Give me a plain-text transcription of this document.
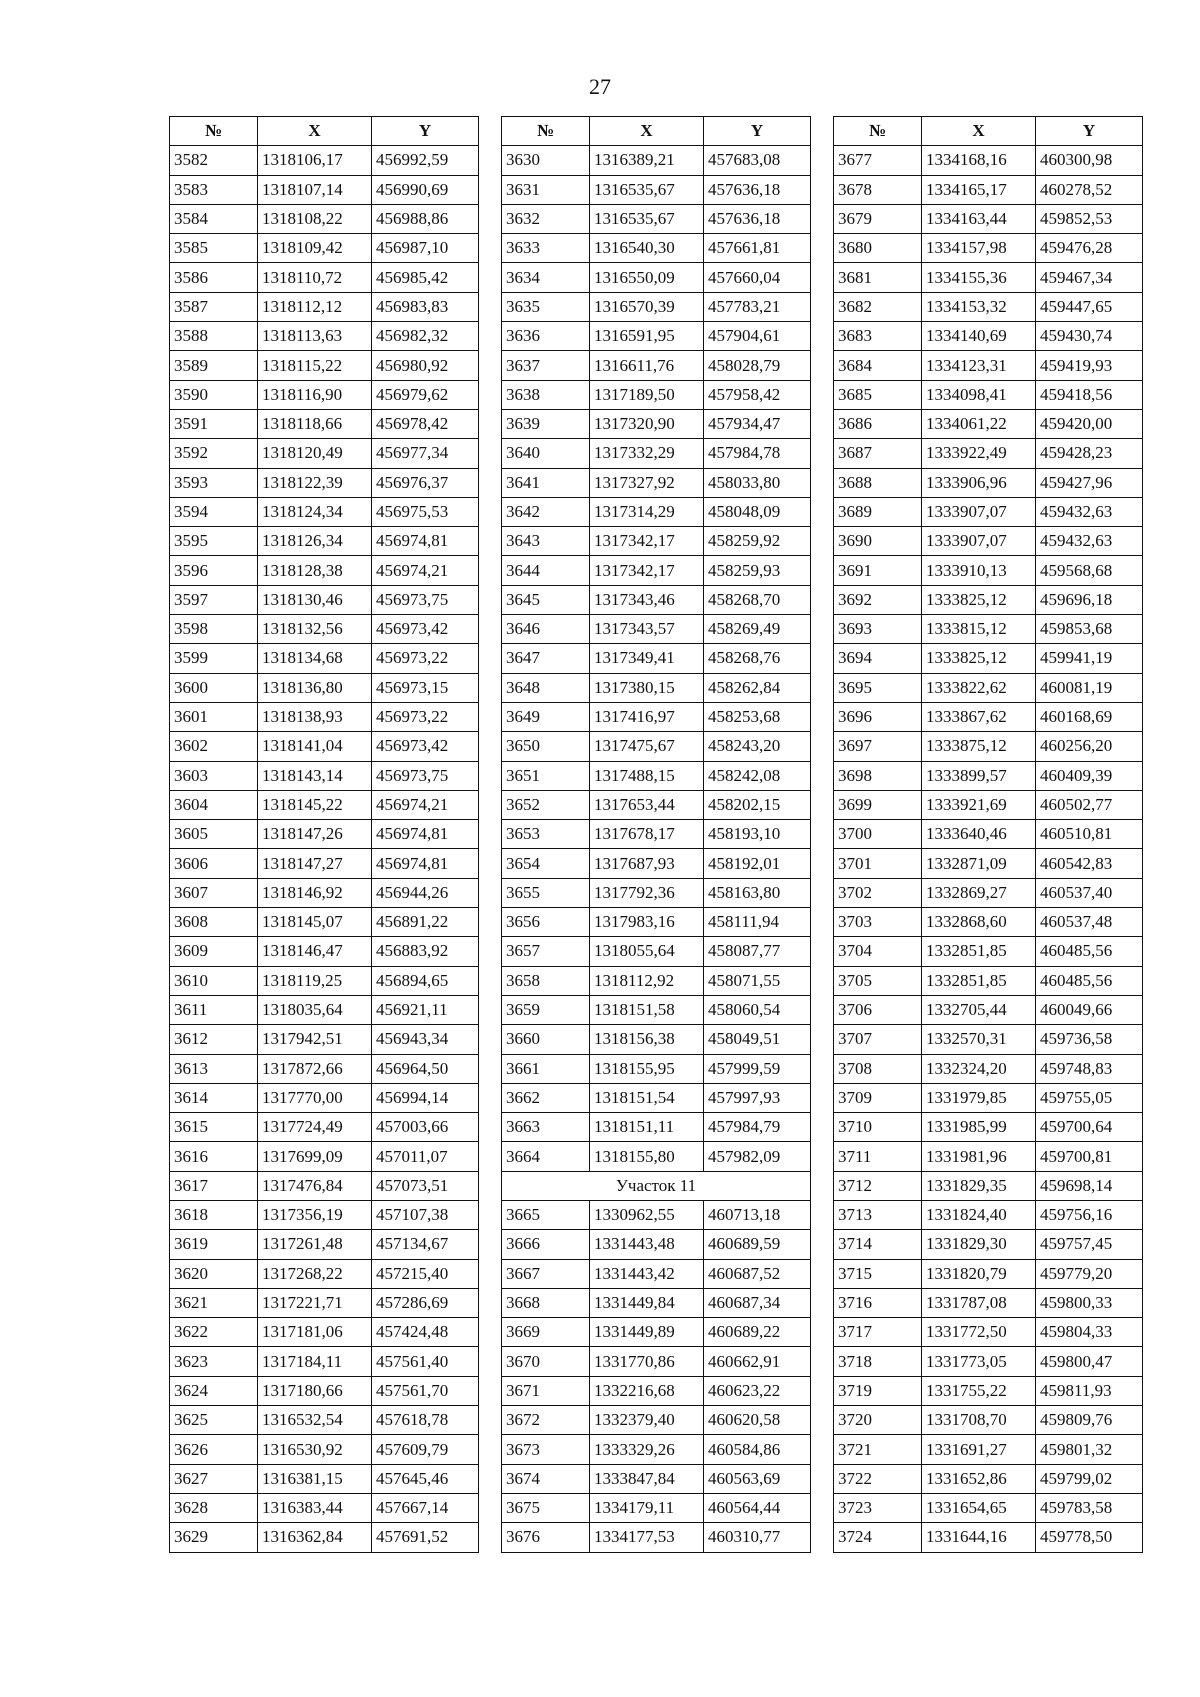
27
№	X	Y
3582	1318106,17	456992,59
3583	1318107,14	456990,69
3584	1318108,22	456988,86
3585	1318109,42	456987,10
3586	1318110,72	456985,42
3587	1318112,12	456983,83
3588	1318113,63	456982,32
3589	1318115,22	456980,92
3590	1318116,90	456979,62
3591	1318118,66	456978,42
3592	1318120,49	456977,34
3593	1318122,39	456976,37
3594	1318124,34	456975,53
3595	1318126,34	456974,81
3596	1318128,38	456974,21
3597	1318130,46	456973,75
3598	1318132,56	456973,42
3599	1318134,68	456973,22
3600	1318136,80	456973,15
3601	1318138,93	456973,22
3602	1318141,04	456973,42
3603	1318143,14	456973,75
3604	1318145,22	456974,21
3605	1318147,26	456974,81
3606	1318147,27	456974,81
3607	1318146,92	456944,26
3608	1318145,07	456891,22
3609	1318146,47	456883,92
3610	1318119,25	456894,65
3611	1318035,64	456921,11
3612	1317942,51	456943,34
3613	1317872,66	456964,50
3614	1317770,00	456994,14
3615	1317724,49	457003,66
3616	1317699,09	457011,07
3617	1317476,84	457073,51
3618	1317356,19	457107,38
3619	1317261,48	457134,67
3620	1317268,22	457215,40
3621	1317221,71	457286,69
3622	1317181,06	457424,48
3623	1317184,11	457561,40
3624	1317180,66	457561,70
3625	1316532,54	457618,78
3626	1316530,92	457609,79
3627	1316381,15	457645,46
3628	1316383,44	457667,14
3629	1316362,84	457691,52
№	X	Y
3630	1316389,21	457683,08
3631	1316535,67	457636,18
3632	1316535,67	457636,18
3633	1316540,30	457661,81
3634	1316550,09	457660,04
3635	1316570,39	457783,21
3636	1316591,95	457904,61
3637	1316611,76	458028,79
3638	1317189,50	457958,42
3639	1317320,90	457934,47
3640	1317332,29	457984,78
3641	1317327,92	458033,80
3642	1317314,29	458048,09
3643	1317342,17	458259,92
3644	1317342,17	458259,93
3645	1317343,46	458268,70
3646	1317343,57	458269,49
3647	1317349,41	458268,76
3648	1317380,15	458262,84
3649	1317416,97	458253,68
3650	1317475,67	458243,20
3651	1317488,15	458242,08
3652	1317653,44	458202,15
3653	1317678,17	458193,10
3654	1317687,93	458192,01
3655	1317792,36	458163,80
3656	1317983,16	458111,94
3657	1318055,64	458087,77
3658	1318112,92	458071,55
3659	1318151,58	458060,54
3660	1318156,38	458049,51
3661	1318155,95	457999,59
3662	1318151,54	457997,93
3663	1318151,11	457984,79
3664	1318155,80	457982,09
Участок 11		
3665	1330962,55	460713,18
3666	1331443,48	460689,59
3667	1331443,42	460687,52
3668	1331449,84	460687,34
3669	1331449,89	460689,22
3670	1331770,86	460662,91
3671	1332216,68	460623,22
3672	1332379,40	460620,58
3673	1333329,26	460584,86
3674	1333847,84	460563,69
3675	1334179,11	460564,44
3676	1334177,53	460310,77
№	X	Y
3677	1334168,16	460300,98
3678	1334165,17	460278,52
3679	1334163,44	459852,53
3680	1334157,98	459476,28
3681	1334155,36	459467,34
3682	1334153,32	459447,65
3683	1334140,69	459430,74
3684	1334123,31	459419,93
3685	1334098,41	459418,56
3686	1334061,22	459420,00
3687	1333922,49	459428,23
3688	1333906,96	459427,96
3689	1333907,07	459432,63
3690	1333907,07	459432,63
3691	1333910,13	459568,68
3692	1333825,12	459696,18
3693	1333815,12	459853,68
3694	1333825,12	459941,19
3695	1333822,62	460081,19
3696	1333867,62	460168,69
3697	1333875,12	460256,20
3698	1333899,57	460409,39
3699	1333921,69	460502,77
3700	1333640,46	460510,81
3701	1332871,09	460542,83
3702	1332869,27	460537,40
3703	1332868,60	460537,48
3704	1332851,85	460485,56
3705	1332851,85	460485,56
3706	1332705,44	460049,66
3707	1332570,31	459736,58
3708	1332324,20	459748,83
3709	1331979,85	459755,05
3710	1331985,99	459700,64
3711	1331981,96	459700,81
3712	1331829,35	459698,14
3713	1331824,40	459756,16
3714	1331829,30	459757,45
3715	1331820,79	459779,20
3716	1331787,08	459800,33
3717	1331772,50	459804,33
3718	1331773,05	459800,47
3719	1331755,22	459811,93
3720	1331708,70	459809,76
3721	1331691,27	459801,32
3722	1331652,86	459799,02
3723	1331654,65	459783,58
3724	1331644,16	459778,50
